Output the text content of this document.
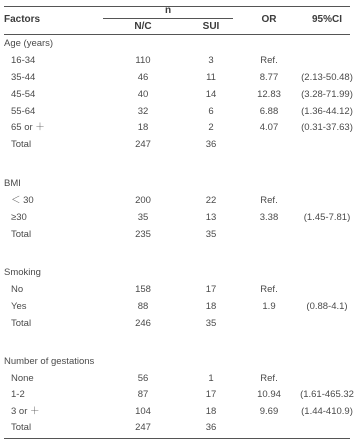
Factors
n
N/C	SUI
OR	95%CI
Age (years)
16-34	110	3	Ref.
35-44	46	11	8.77 (2.13-50.48)
45-54	40	14	12.83 (3.28-71.99)
55-64	32	6	6.88 (1.36-44.12)
65 or ＋	18	2	4.07 (0.31-37.63)
Total	247	36
BMI
＜ 30	200	22	Ref.
≥30	35	13	3.38	(1.45-7.81)
Total	235	35
Smoking
No	158	17	Ref.
Yes	88	18	1.9	(0.88-4.1)
Total	246	35
Number of gestations
None	56	1	Ref.
1-2	87	17	10.94 (1.61-465.32
3 or ＋	104	18	9.69 (1.44-410.9)
Total	247	36
